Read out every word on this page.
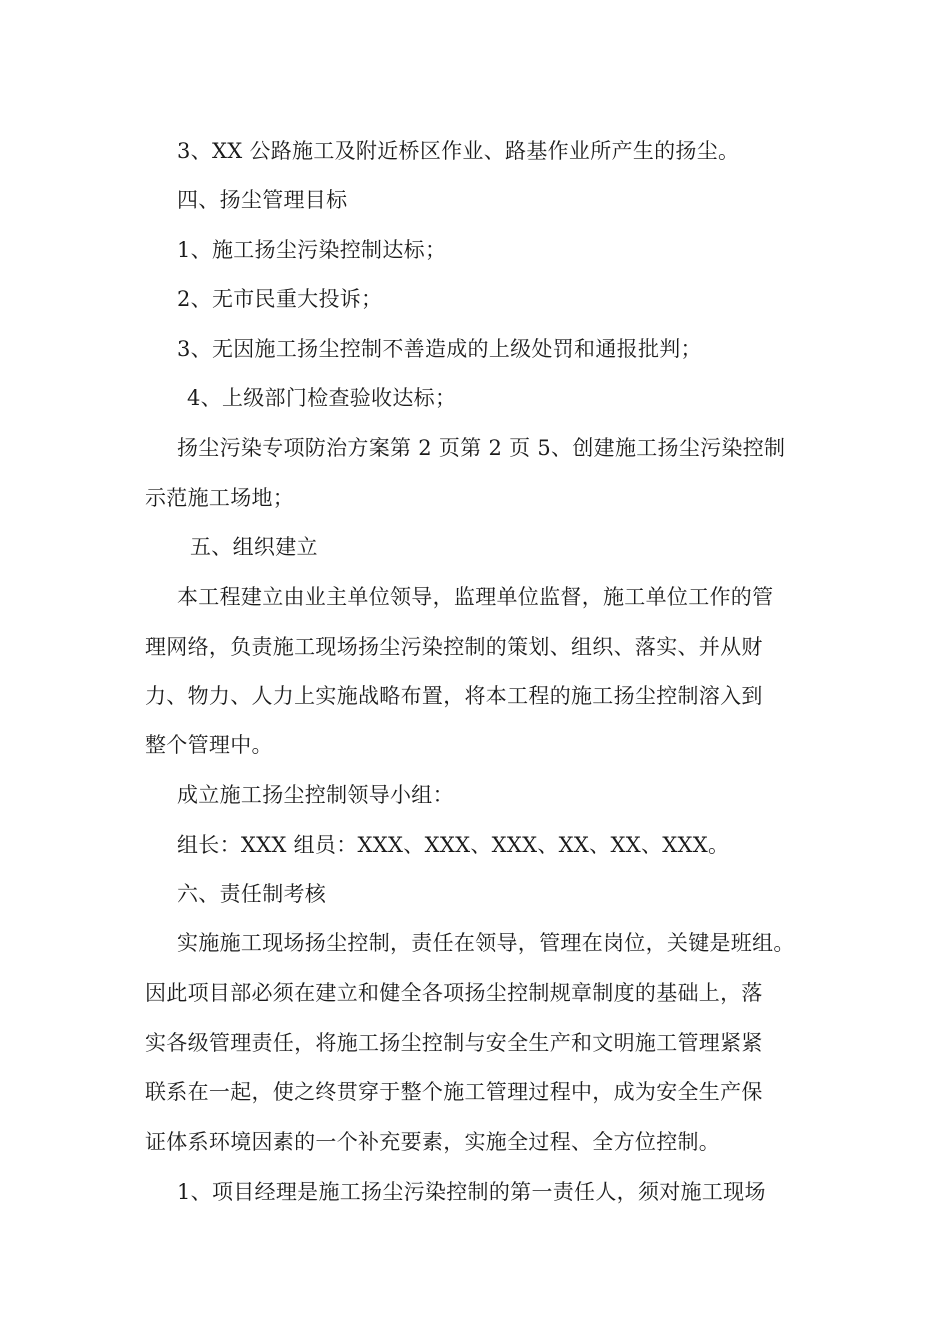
3、XX 公路施工及附近桥区作业、路基作业所产生的扬尘。
四、扬尘管理目标
1、施工扬尘污染控制达标；
2、无市民重大投诉；
3、无因施工扬尘控制不善造成的上级处罚和通报批判；
4、上级部门检查验收达标；
扬尘污染专项防治方案第 2 页第 2 页 5、创建施工扬尘污染控制
示范施工场地；
五、组织建立
本工程建立由业主单位领导，监理单位监督，施工单位工作的管
理网络，负责施工现场扬尘污染控制的策划、组织、落实、并从财
力、物力、人力上实施战略布置，将本工程的施工扬尘控制溶入到
整个管理中。
成立施工扬尘控制领导小组：
组长：XXX 组员：XXX、XXX、XXX、XX、XX、XXX。
六、责任制考核
实施施工现场扬尘控制，责任在领导，管理在岗位，关键是班组。
因此项目部必须在建立和健全各项扬尘控制规章制度的基础上，落
实各级管理责任，将施工扬尘控制与安全生产和文明施工管理紧紧
联系在一起，使之终贯穿于整个施工管理过程中，成为安全生产保
证体系环境因素的一个补充要素，实施全过程、全方位控制。
1、项目经理是施工扬尘污染控制的第一责任人，须对施工现场
